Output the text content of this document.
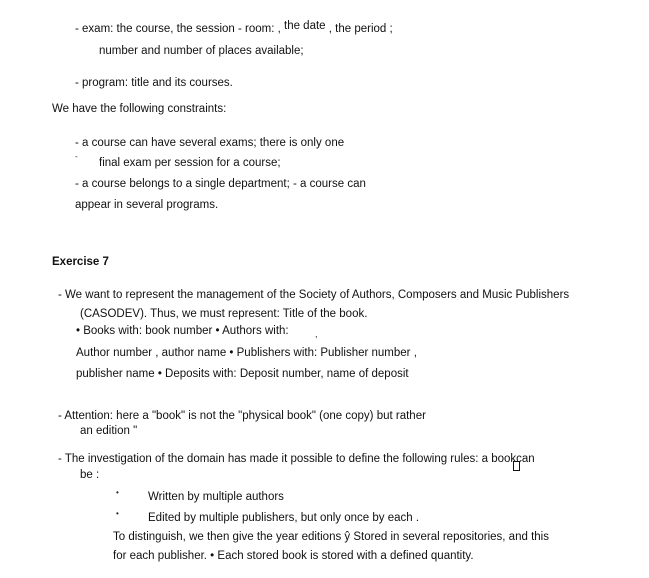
- exam: the course, the session - room: , the date , the period ;
number and number of places available;
- program: title and its courses.
We have the following constraints:
- a course can have several exams; there is only one
-
final exam per session for a course;
- a course belongs to a single department; - a course can
appear in several programs.
Exercise 7
- We want to represent the management of the Society of Authors, Composers and Music Publishers
(CASODEV). Thus, we must represent: Title of the book.
• Books with: book number • Authors with:	,
Author number , author name • Publishers with: Publisher number ,
publisher name • Deposits with: Deposit number, name of deposit
- Attention: here a "book" is not the "physical book" (one copy) but rather
an edition "
- The investigation of the domain has made it possible to define the following rules: a book
can
be :
•	Written by multiple authors
•	Edited by multiple publishers, but only once by each .
To distinguish, we then give the year editions ŷ Stored in several repositories, and this
for each publisher. • Each stored book is stored with a defined quantity.
